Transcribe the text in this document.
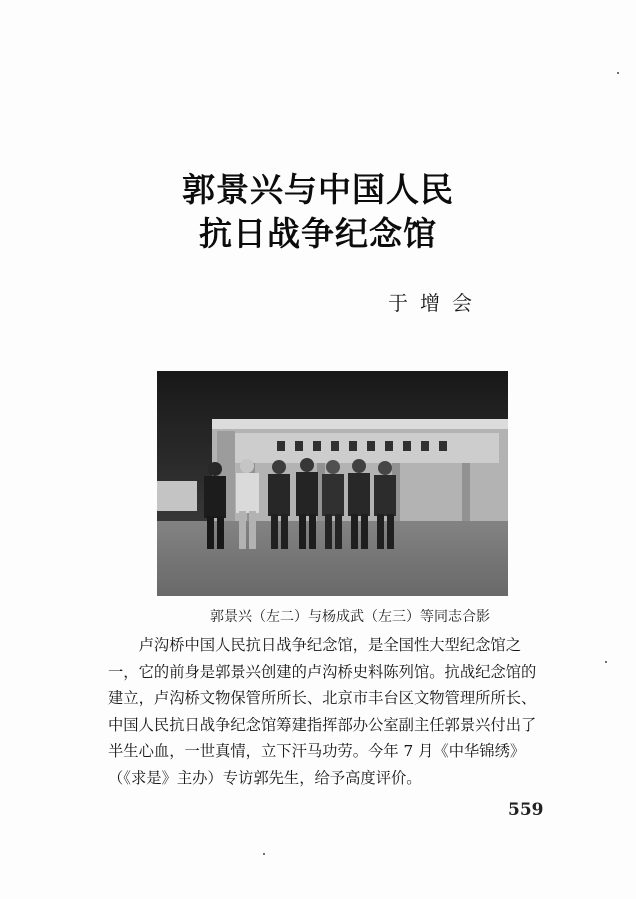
郭景兴与中国人民
抗日战争纪念馆
于增会
郭景兴（左二）与杨成武（左三）等同志合影
　　卢沟桥中国人民抗日战争纪念馆，是全国性大型纪念馆之
一，它的前身是郭景兴创建的卢沟桥史料陈列馆。抗战纪念馆的
建立，卢沟桥文物保管所所长、北京市丰台区文物管理所所长、
中国人民抗日战争纪念馆筹建指挥部办公室副主任郭景兴付出了
半生心血，一世真情，立下汗马功劳。今年 7 月《中华锦绣》
（《求是》主办）专访郭先生，给予高度评价。
559
